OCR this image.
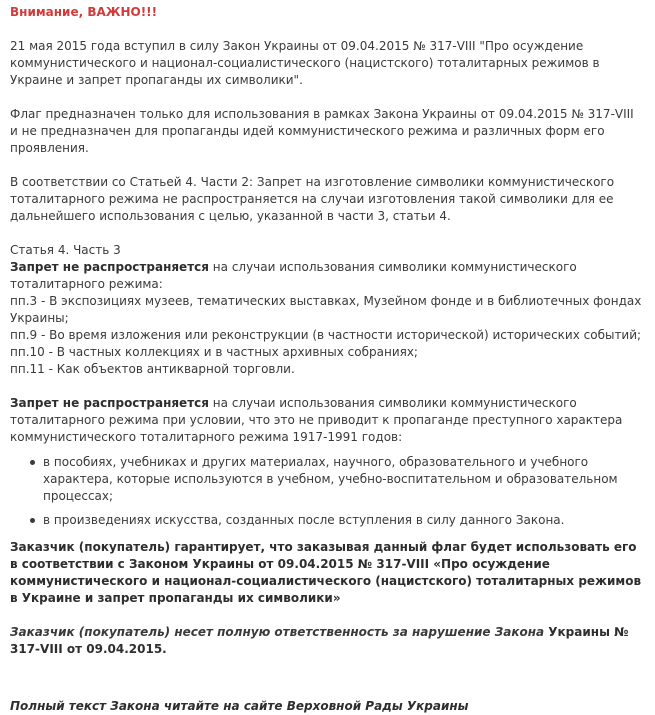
Внимание, ВАЖНО!!!

21 мая 2015 года вступил в силу Закон Украины от 09.04.2015 № 317-VIII "Про осуждение коммунистического и национал-социалистического (нацистского) тоталитарных режимов в Украине и запрет пропаганды их символики".

Флаг предназначен только для использования в рамках Закона Украины от 09.04.2015 № 317-VIII и не предназначен для пропаганды идей коммунистического режима и различных форм его проявления.

В соответствии со Статьей 4. Части 2: Запрет на изготовление символики коммунистического тоталитарного режима не распространяется на случаи изготовления такой символики для ее дальнейшего использования с целью, указанной в части 3, статьи 4.

Статья 4. Часть 3

Запрет не распространяется на случаи использования символики коммунистического тоталитарного режима:

пп.3 - В экспозициях музеев, тематических выставках, Музейном фонде и в библиотечных фондах Украины;

пп.9 - Во время изложения или реконструкции (в частности исторической) исторических событий;

пп.10 - В частных коллекциях и в частных архивных собраниях;

пп.11 - Как объектов антикварной торговли.

Запрет не распространяется на случаи использования символики коммунистического тоталитарного режима при условии, что это не приводит к пропаганде преступного характера коммунистического тоталитарного режима 1917-1991 годов:

в пособиях, учебниках и других материалах, научного, образовательного и учебного характера, которые используются в учебном, учебно-воспитательном и образовательном процессах;
в произведениях искусства, созданных после вступления в силу данного Закона.

Заказчик (покупатель) гарантирует, что заказывая данный флаг будет использовать его в соответствии с Законом Украины от 09.04.2015 № 317-VIII «Про осуждение коммунистического и национал-социалистического (нацистского) тоталитарных режимов в Украине и запрет пропаганды их символики»

Заказчик (покупатель) несет полную ответственность за нарушение Закона Украины № 317-VIII от 09.04.2015.

Полный текст Закона читайте на сайте Верховной Рады Украины
